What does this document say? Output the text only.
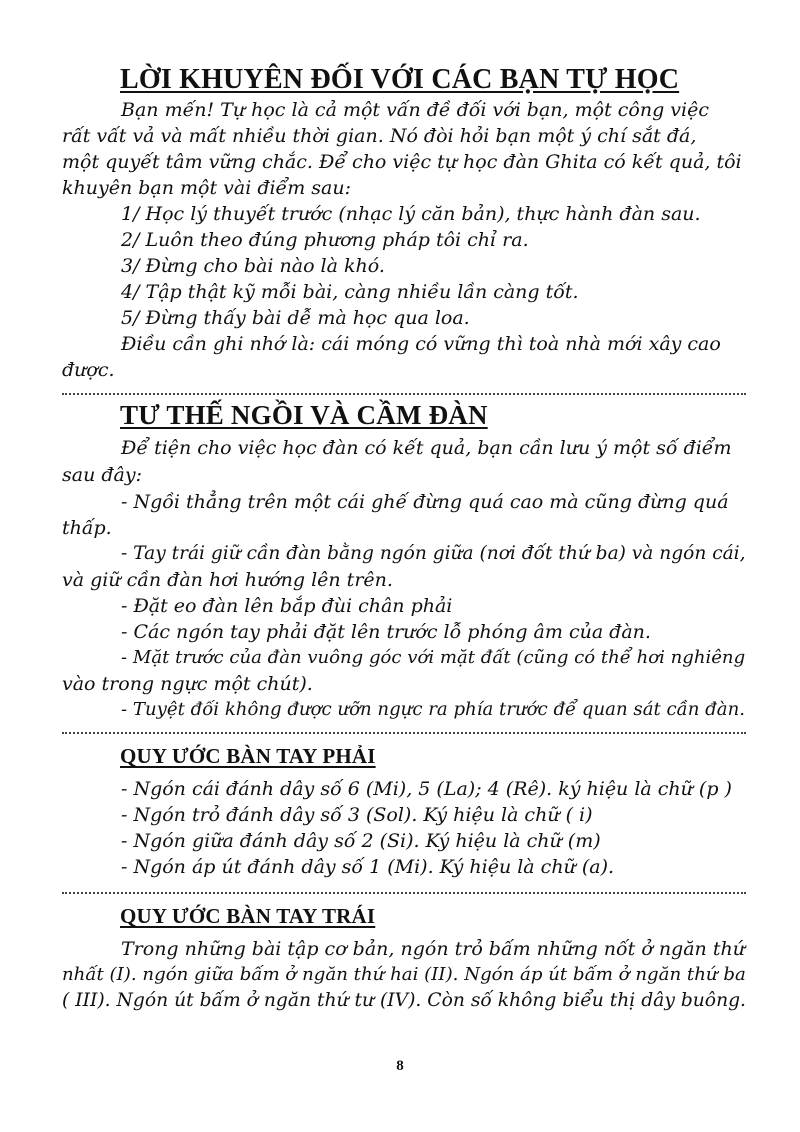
LỜI KHUYÊN ĐỐI VỚI CÁC BẠN TỰ HỌC
Bạn mến! Tự học là cả một vấn đề đối với bạn, một công việc
rất vất vả và mất nhiều thời gian. Nó đòi hỏi bạn một ý chí sắt đá,
một quyết tâm vững chắc. Để cho việc tự học đàn Ghita có kết quả, tôi
khuyên bạn một vài điểm sau:
1/ Học lý thuyết trước (nhạc lý căn bản), thực hành đàn sau.
2/ Luôn theo đúng phương pháp tôi chỉ ra.
3/ Đừng cho bài nào là khó.
4/ Tập thật kỹ mỗi bài, càng nhiều lần càng tốt.
5/ Đừng thấy bài dễ mà học qua loa.
Điều cần ghi nhớ là: cái móng có vững thì toà nhà mới xây cao
được.
TƯ THẾ NGỒI VÀ CẦM ĐÀN
Để tiện cho việc học đàn có kết quả, bạn cần lưu ý một số điểm
sau đây:
- Ngồi thẳng trên một cái ghế đừng quá cao mà cũng đừng quá
thấp.
- Tay trái giữ cần đàn bằng ngón giữa (nơi đốt thứ ba) và ngón cái,
và giữ cần đàn hơi hướng lên trên.
- Đặt eo đàn lên bắp đùi chân phải
- Các ngón tay phải đặt lên trước lỗ phóng âm của đàn.
- Mặt trước của đàn vuông góc với mặt đất (cũng có thể hơi nghiêng
vào trong ngực một chút).
- Tuyệt đối không được ưỡn ngực ra phía trước để quan sát cần đàn.
QUY ƯỚC BÀN TAY PHẢI
- Ngón cái đánh dây số 6 (Mi), 5 (La); 4 (Rê). ký hiệu là chữ (p )
- Ngón trỏ đánh dây số 3 (Sol). Ký hiệu là chữ ( i)
- Ngón giữa đánh dây số 2 (Si). Ký hiệu là chữ (m)
- Ngón áp út đánh dây số 1 (Mi). Ký hiệu là chữ (a).
QUY ƯỚC BÀN TAY TRÁI
Trong những bài tập cơ bản, ngón trỏ bấm những nốt ở ngăn thứ
nhất (I). ngón giữa bấm ở ngăn thứ hai (II). Ngón áp út bấm ở ngăn thứ ba
( III). Ngón út bấm ở ngăn thứ tư (IV). Còn số không biểu thị dây buông.
8
